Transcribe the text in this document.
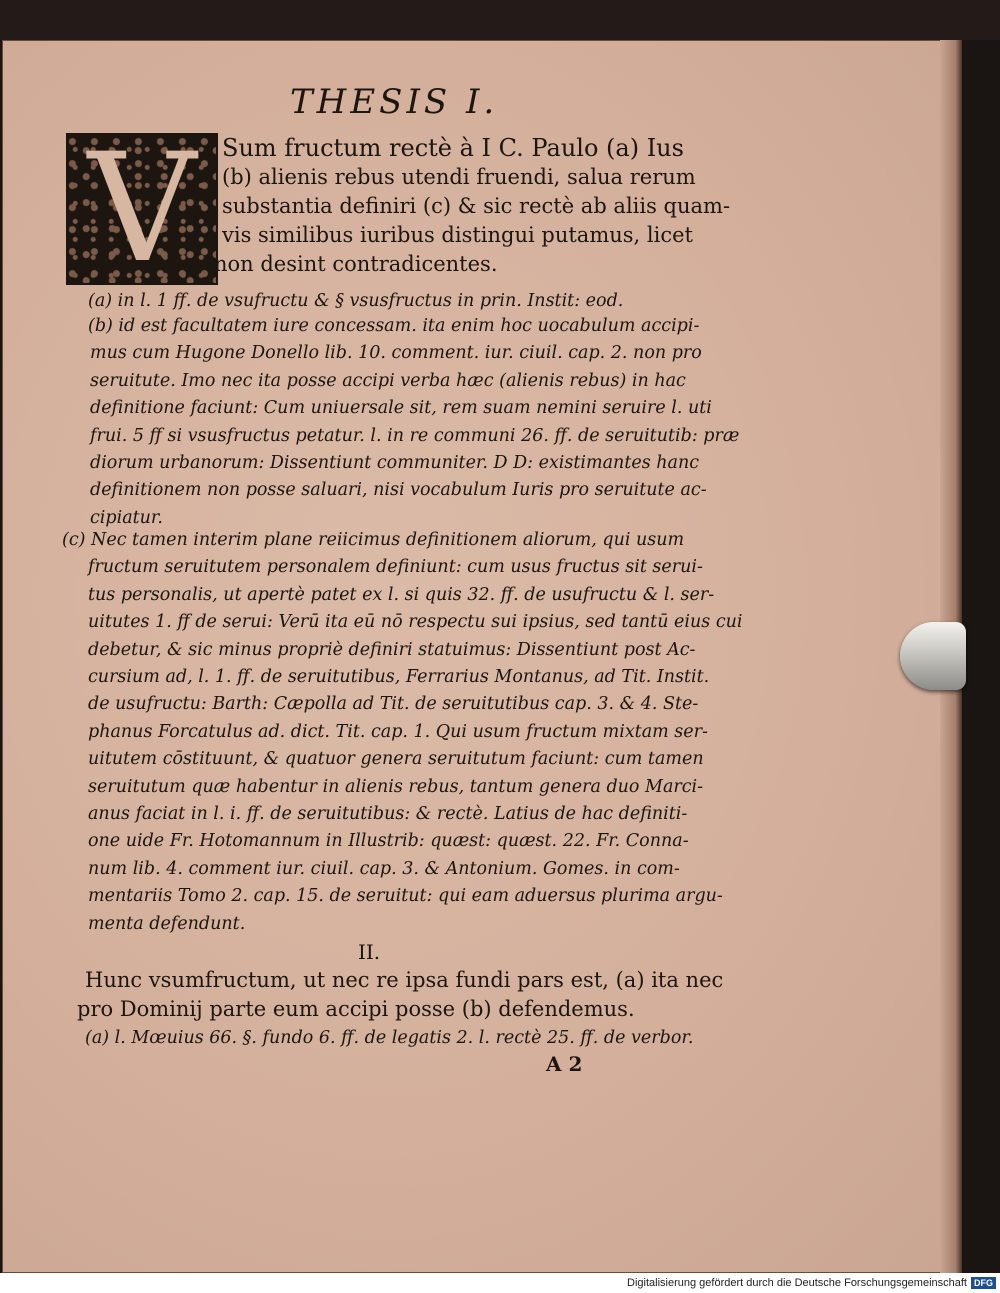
THESIS I.
V	Sum fructum rectè à I C. Paulo (a) Ius
(b) alienis rebus utendi fruendi, salua rerum
substantia definiri (c) & sic rectè ab aliis quam-
vis similibus iuribus distingui putamus, licet
non desint contradicentes.
(a) in l. 1 ff. de vsufructu & § vsusfructus in prin. Instit: eod.
(b) id est facultatem iure concessam. ita enim hoc uocabulum accipi-
mus cum Hugone Donello lib. 10. comment. iur. ciuil. cap. 2. non pro
seruitute. Imo nec ita posse accipi verba hæc (alienis rebus) in hac
definitione faciunt: Cum uniuersale sit, rem suam nemini seruire l. uti
frui. 5 ff si vsusfructus petatur. l. in re communi 26. ff. de seruitutib: præ
diorum urbanorum: Dissentiunt communiter. D D: existimantes hanc
definitionem non posse saluari, nisi vocabulum Iuris pro seruitute ac-
cipiatur.
(c) Nec tamen interim plane reiicimus definitionem aliorum, qui usum
fructum seruitutem personalem definiunt: cum usus fructus sit serui-
tus personalis, ut apertè patet ex l. si quis 32. ff. de usufructu & l. ser-
uitutes 1. ff de serui: Verū ita eū nō respectu sui ipsius, sed tantū eius cui
debetur, & sic minus propriè definiri statuimus: Dissentiunt post Ac-
cursium ad, l. 1. ff. de seruitutibus, Ferrarius Montanus, ad Tit. Instit.
de usufructu: Barth: Cæpolla ad Tit. de seruitutibus cap. 3. & 4. Ste-
phanus Forcatulus ad. dict. Tit. cap. 1. Qui usum fructum mixtam ser-
uitutem cōstituunt, & quatuor genera seruitutum faciunt: cum tamen
seruitutum quæ habentur in alienis rebus, tantum genera duo Marci-
anus faciat in l. i. ff. de seruitutibus: & rectè. Latius de hac definiti-
one uide Fr. Hotomannum in Illustrib: quæst: quæst. 22. Fr. Conna-
num lib. 4. comment iur. ciuil. cap. 3. & Antonium. Gomes. in com-
mentariis Tomo 2. cap. 15. de seruitut: qui eam aduersus plurima argu-
menta defendunt.
II.
Hunc vsumfructum, ut nec re ipsa fundi pars est, (a) ita nec
pro Dominij parte eum accipi posse (b) defendemus.
(a) l. Mœuius 66. §. fundo 6. ff. de legatis 2. l. rectè 25. ff. de verbor.
A 2
Digitalisierung gefördert durch die Deutsche Forschungsgemeinschaft DFG
